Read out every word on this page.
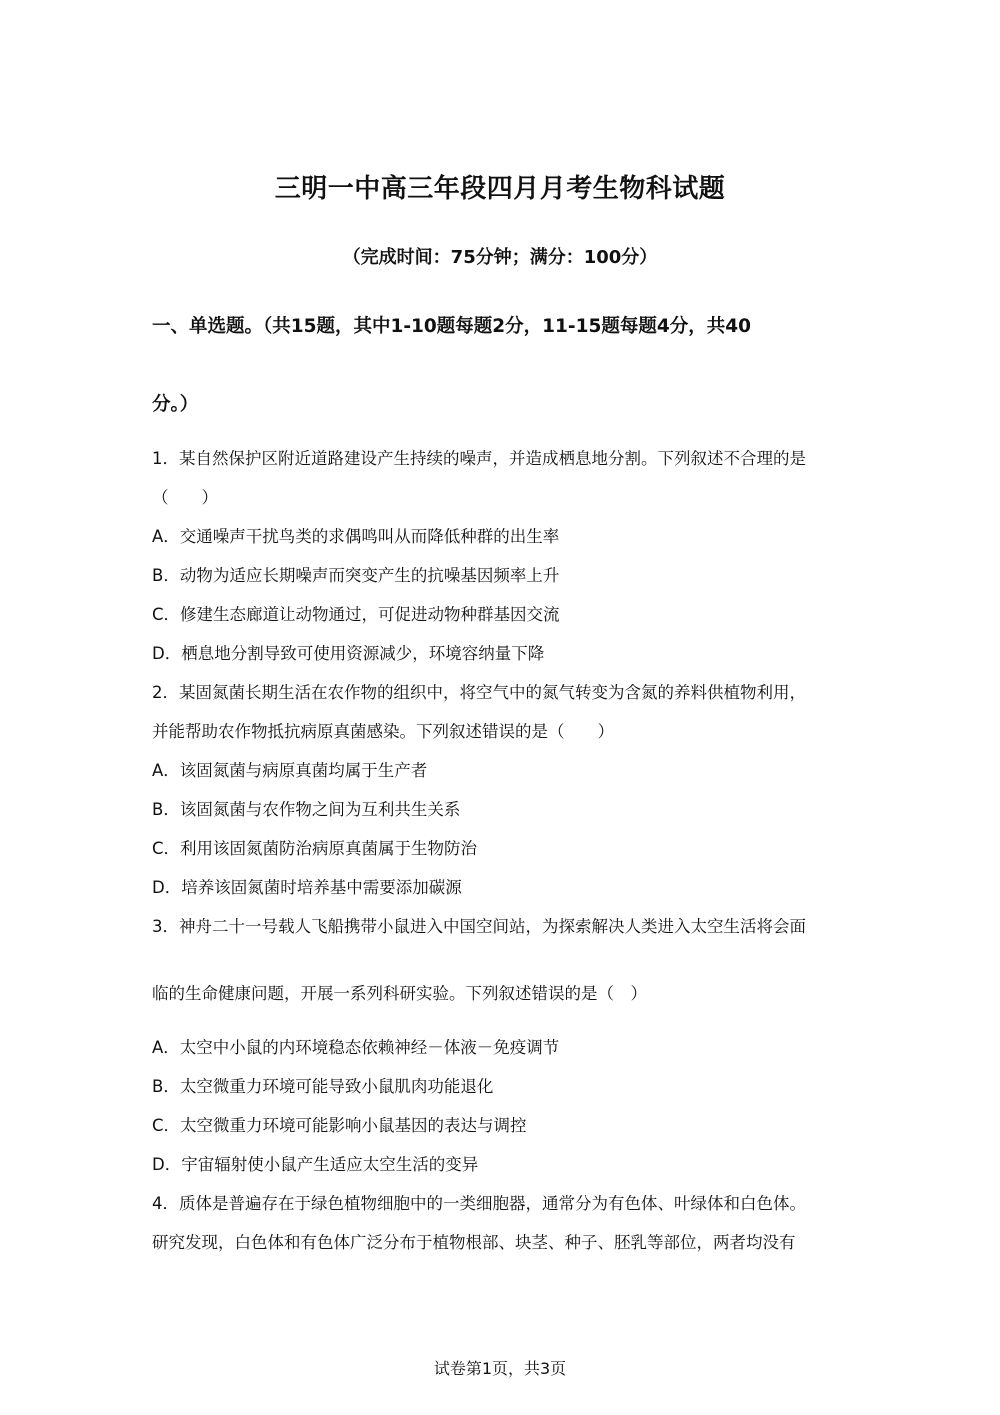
三明一中高三年段四月月考生物科试题
（完成时间：75分钟；满分：100分）
一、单选题。（共15题，其中1-10题每题2分，11-15题每题4分，共40
分。）
1．某自然保护区附近道路建设产生持续的噪声，并造成栖息地分割。下列叙述不合理的是
（　　）
A．交通噪声干扰鸟类的求偶鸣叫从而降低种群的出生率
B．动物为适应长期噪声而突变产生的抗噪基因频率上升
C．修建生态廊道让动物通过，可促进动物种群基因交流
D．栖息地分割导致可使用资源减少，环境容纳量下降
2．某固氮菌长期生活在农作物的组织中，将空气中的氮气转变为含氮的养料供植物利用，
并能帮助农作物抵抗病原真菌感染。下列叙述错误的是（　　）
A．该固氮菌与病原真菌均属于生产者
B．该固氮菌与农作物之间为互利共生关系
C．利用该固氮菌防治病原真菌属于生物防治
D．培养该固氮菌时培养基中需要添加碳源
3．神舟二十一号载人飞船携带小鼠进入中国空间站，为探索解决人类进入太空生活将会面
临的生命健康问题，开展一系列科研实验。下列叙述错误的是（　）
A．太空中小鼠的内环境稳态依赖神经－体液－免疫调节
B．太空微重力环境可能导致小鼠肌肉功能退化
C．太空微重力环境可能影响小鼠基因的表达与调控
D．宇宙辐射使小鼠产生适应太空生活的变异
4．质体是普遍存在于绿色植物细胞中的一类细胞器，通常分为有色体、叶绿体和白色体。
研究发现，白色体和有色体广泛分布于植物根部、块茎、种子、胚乳等部位，两者均没有
试卷第1页，共3页
